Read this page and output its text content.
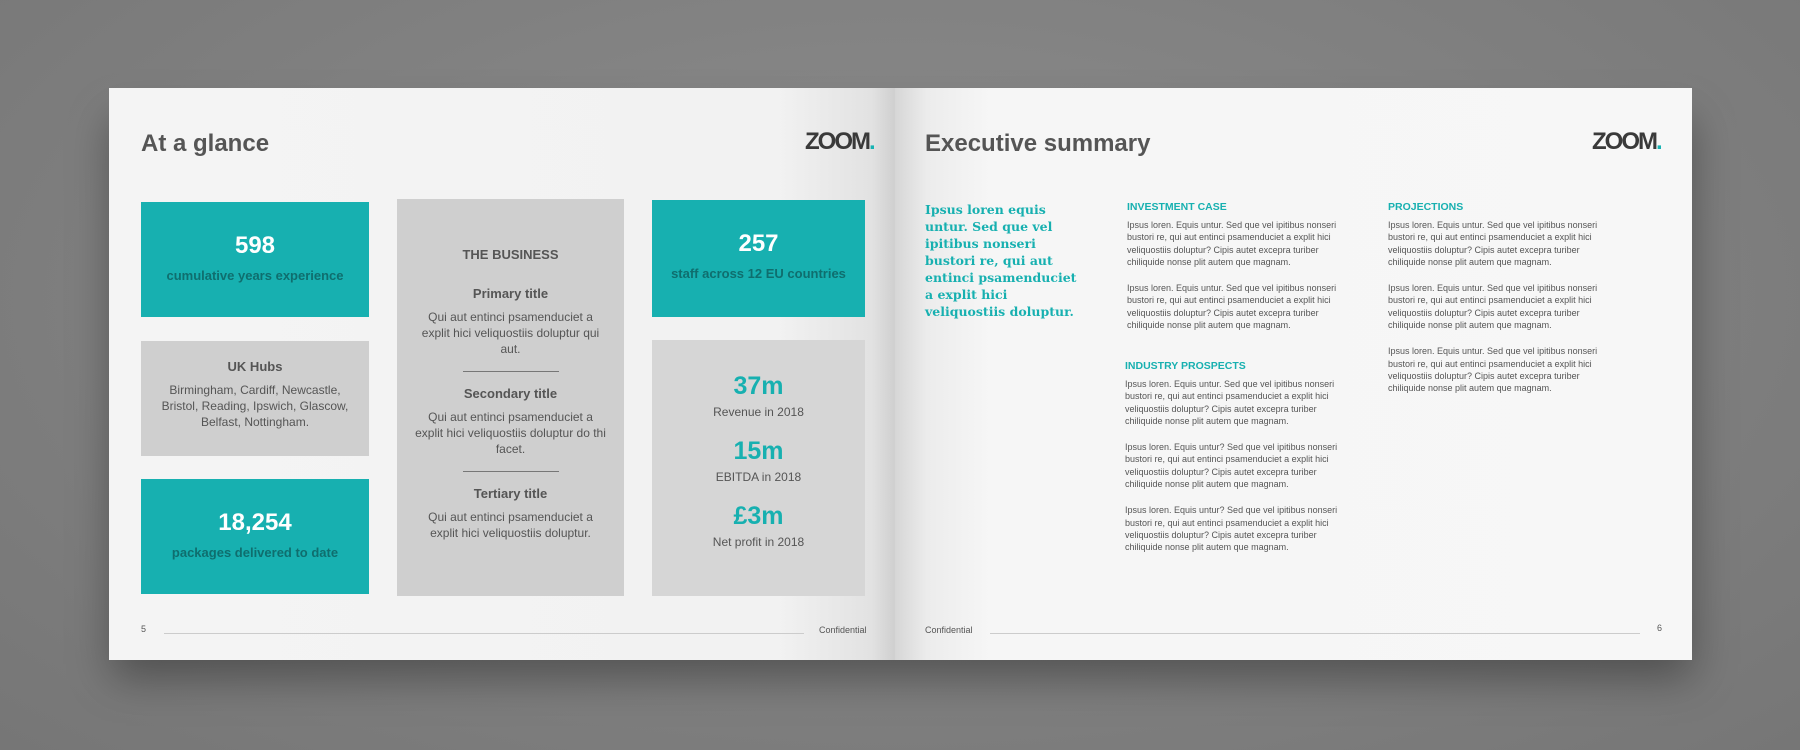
At a glance	ZOOM.
598
cumulative years experience
UK Hubs
Birmingham, Cardiff, Newcastle, Bristol, Reading, Ipswich, Glascow, Belfast, Nottingham.
18,254
packages delivered to date
THE BUSINESS
Primary title
Qui aut entinci psamenduciet a explit hici veliquostiis doluptur qui aut.
Secondary title
Qui aut entinci psamenduciet a explit hici veliquostiis doluptur do thi facet.
Tertiary title
Qui aut entinci psamenduciet a explit hici veliquostiis doluptur.
257
staff across 12 EU countries
37m
Revenue in 2018
15m
EBITDA in 2018
£3m
Net profit in 2018
5	Confidential
Executive summary	ZOOM.
Ipsus loren equis untur. Sed que vel ipitibus nonseri bustori re, qui aut entinci psamenduciet a explit hici veliquostiis doluptur.
INVESTMENT CASE
Ipsus loren. Equis untur. Sed que vel ipitibus nonseri bustori re, qui aut entinci psamenduciet a explit hici veliquostiis doluptur? Cipis autet excepra turiber chiliquide nonse plit autem que magnam.
Ipsus loren. Equis untur. Sed que vel ipitibus nonseri bustori re, qui aut entinci psamenduciet a explit hici veliquostiis doluptur? Cipis autet excepra turiber chiliquide nonse plit autem que magnam.
INDUSTRY PROSPECTS
Ipsus loren. Equis untur. Sed que vel ipitibus nonseri bustori re, qui aut entinci psamenduciet a explit hici veliquostiis doluptur? Cipis autet excepra turiber chiliquide nonse plit autem que magnam.
Ipsus loren. Equis untur? Sed que vel ipitibus nonseri bustori re, qui aut entinci psamenduciet a explit hici veliquostiis doluptur? Cipis autet excepra turiber chiliquide nonse plit autem que magnam.
Ipsus loren. Equis untur? Sed que vel ipitibus nonseri bustori re, qui aut entinci psamenduciet a explit hici veliquostiis doluptur? Cipis autet excepra turiber chiliquide nonse plit autem que magnam.
PROJECTIONS
Ipsus loren. Equis untur. Sed que vel ipitibus nonseri bustori re, qui aut entinci psamenduciet a explit hici veliquostiis doluptur? Cipis autet excepra turiber chiliquide nonse plit autem que magnam.
Ipsus loren. Equis untur. Sed que vel ipitibus nonseri bustori re, qui aut entinci psamenduciet a explit hici veliquostiis doluptur? Cipis autet excepra turiber chiliquide nonse plit autem que magnam.
Ipsus loren. Equis untur. Sed que vel ipitibus nonseri bustori re, qui aut entinci psamenduciet a explit hici veliquostiis doluptur? Cipis autet excepra turiber chiliquide nonse plit autem que magnam.
Confidential	6
